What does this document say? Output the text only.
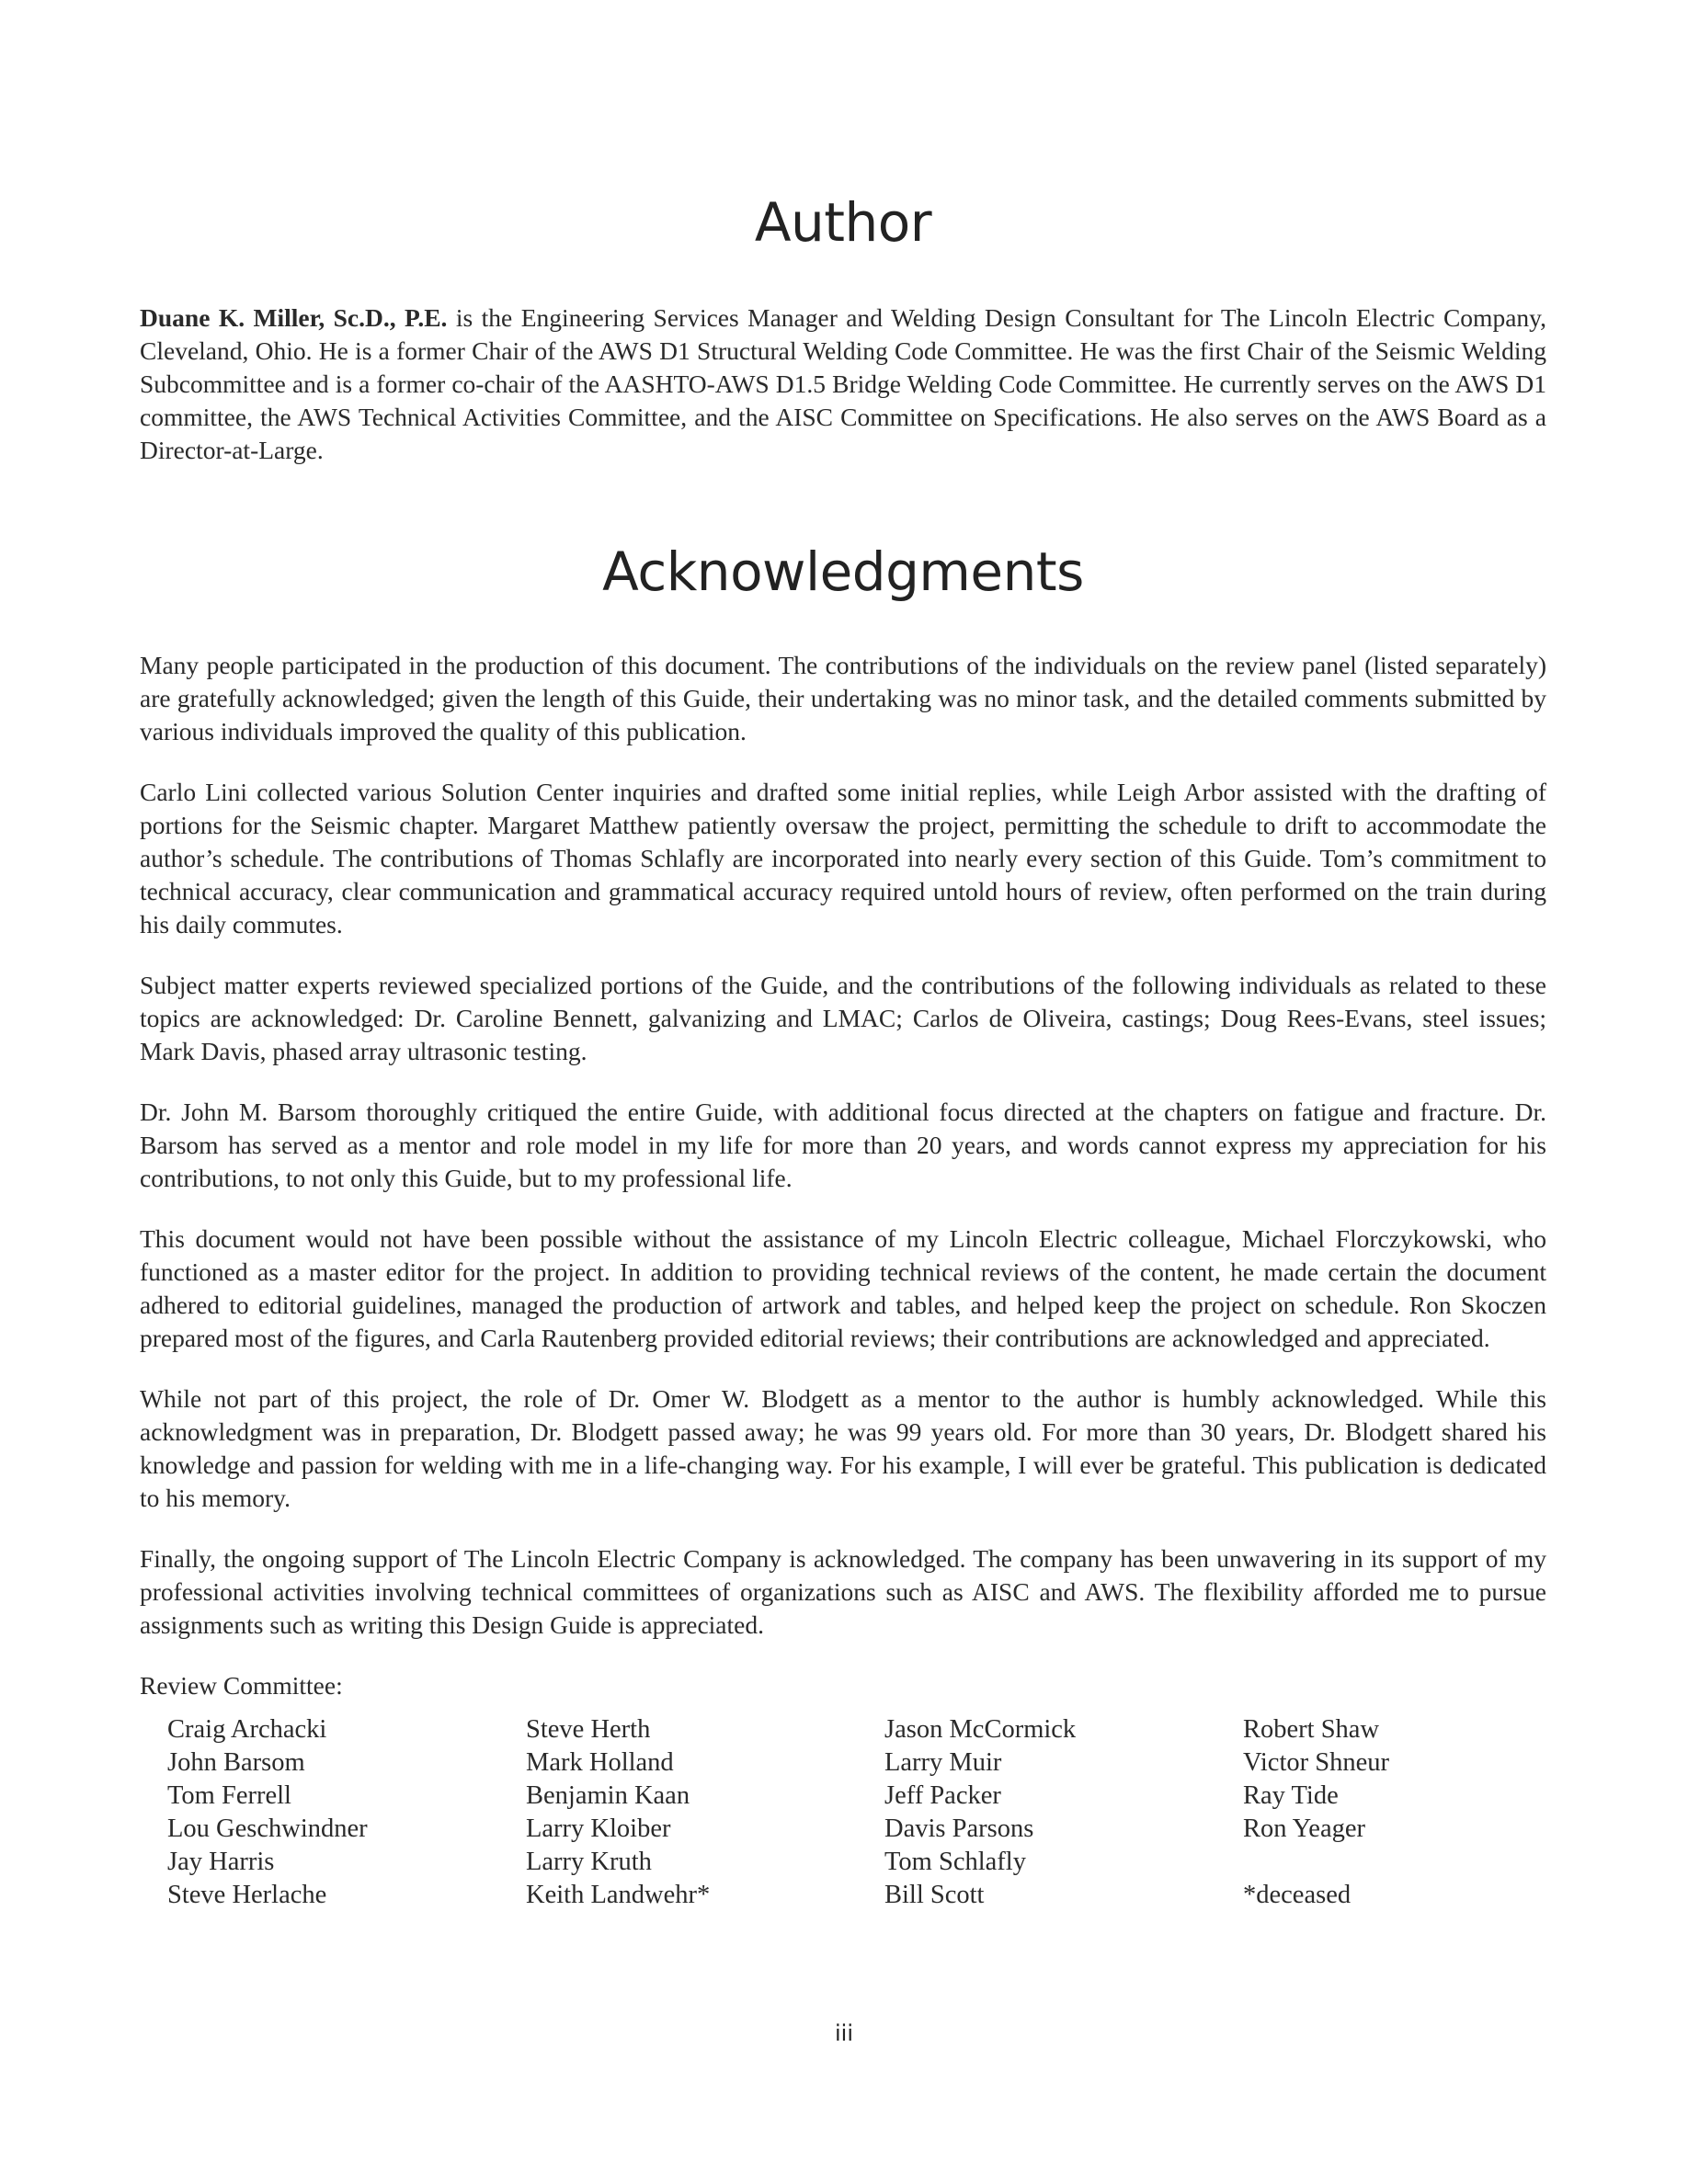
Author

Duane K. Miller, Sc.D., P.E. is the Engineering Services Manager and Welding Design Consultant for The Lincoln Electric Company, Cleveland, Ohio. He is a former Chair of the AWS D1 Structural Welding Code Committee. He was the first Chair of the Seismic Welding Subcommittee and is a former co-chair of the AASHTO-AWS D1.5 Bridge Welding Code Committee. He currently serves on the AWS D1 committee, the AWS Technical Activities Committee, and the AISC Committee on Specifications. He also serves on the AWS Board as a Director-at-Large.

Acknowledgments

Many people participated in the production of this document. The contributions of the individuals on the review panel (listed separately) are gratefully acknowledged; given the length of this Guide, their undertaking was no minor task, and the detailed comments submitted by various individuals improved the quality of this publication.

Carlo Lini collected various Solution Center inquiries and drafted some initial replies, while Leigh Arbor assisted with the drafting of portions for the Seismic chapter. Margaret Matthew patiently oversaw the project, permitting the schedule to drift to accommodate the author’s schedule. The contributions of Thomas Schlafly are incorporated into nearly every section of this Guide. Tom’s commitment to technical accuracy, clear communication and grammatical accuracy required untold hours of review, often performed on the train during his daily commutes.

Subject matter experts reviewed specialized portions of the Guide, and the contributions of the following individuals as related to these topics are acknowledged: Dr. Caroline Bennett, galvanizing and LMAC; Carlos de Oliveira, castings; Doug Rees-Evans, steel issues; Mark Davis, phased array ultrasonic testing.

Dr. John M. Barsom thoroughly critiqued the entire Guide, with additional focus directed at the chapters on fatigue and fracture. Dr. Barsom has served as a mentor and role model in my life for more than 20 years, and words cannot express my appreciation for his contributions, to not only this Guide, but to my professional life.

This document would not have been possible without the assistance of my Lincoln Electric colleague, Michael Florczykowski, who functioned as a master editor for the project. In addition to providing technical reviews of the content, he made certain the document adhered to editorial guidelines, managed the production of artwork and tables, and helped keep the project on schedule. Ron Skoczen prepared most of the figures, and Carla Rautenberg provided editorial reviews; their contributions are acknowledged and appreciated.

While not part of this project, the role of Dr. Omer W. Blodgett as a mentor to the author is humbly acknowledged. While this acknowledgment was in preparation, Dr. Blodgett passed away; he was 99 years old. For more than 30 years, Dr. Blodgett shared his knowledge and passion for welding with me in a life-changing way. For his example, I will ever be grateful. This publication is dedicated to his memory.

Finally, the ongoing support of The Lincoln Electric Company is acknowledged. The company has been unwavering in its support of my professional activities involving technical committees of organizations such as AISC and AWS. The flexibility afforded me to pursue assignments such as writing this Design Guide is appreciated.

Review Committee:

Craig Archacki
John Barsom
Tom Ferrell
Lou Geschwindner
Jay Harris
Steve Herlache
Steve Herth
Mark Holland
Benjamin Kaan
Larry Kloiber
Larry Kruth
Keith Landwehr*
Jason McCormick
Larry Muir
Jeff Packer
Davis Parsons
Tom Schlafly
Bill Scott
Robert Shaw
Victor Shneur
Ray Tide
Ron Yeager
*deceased
iii
